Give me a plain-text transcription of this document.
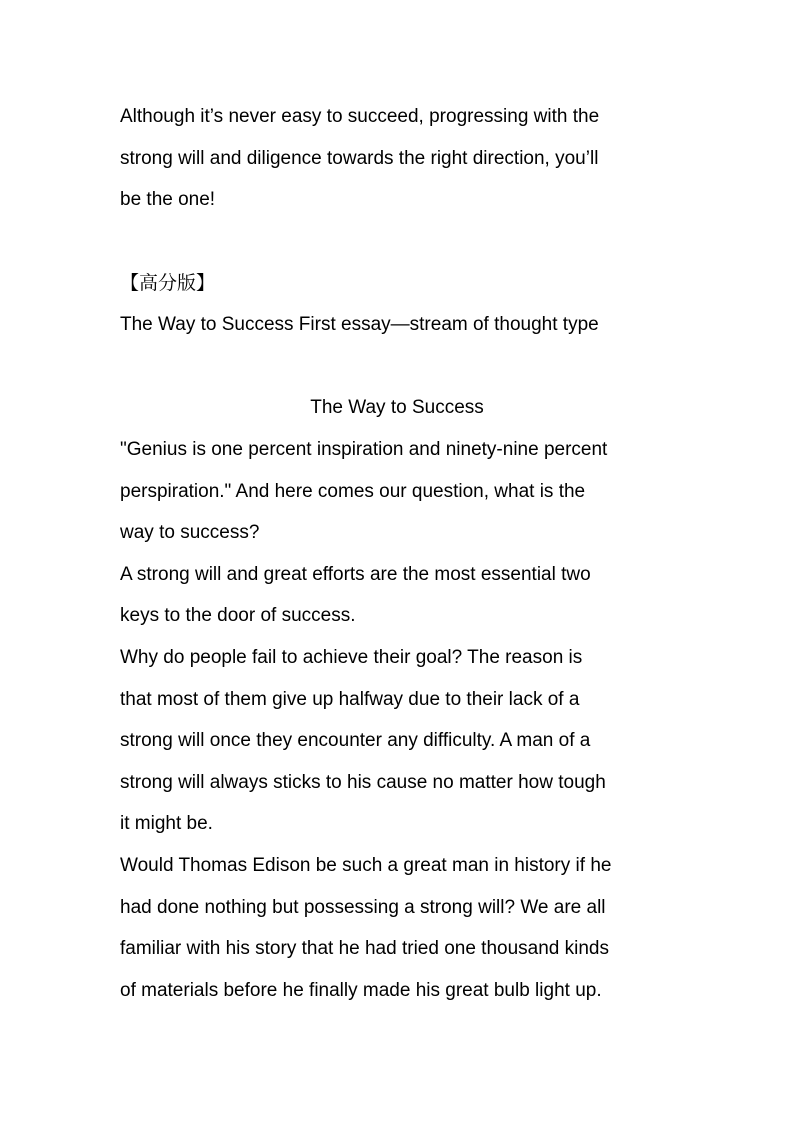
Although it’s never easy to succeed, progressing with the

strong will and diligence towards the right direction, you’ll

be the one!

【高分版】

The Way to Success First essay—stream of thought type

The Way to Success

"Genius is one percent inspiration and ninety-nine percent

perspiration." And here comes our question, what is the

way to success?

A strong will and great efforts are the most essential two

keys to the door of success.

Why do people fail to achieve their goal? The reason is

that most of them give up halfway due to their lack of a

strong will once they encounter any difficulty. A man of a

strong will always sticks to his cause no matter how tough

it might be.

Would Thomas Edison be such a great man in history if he

had done nothing but possessing a strong will? We are all

familiar with his story that he had tried one thousand kinds

of materials before he finally made his great bulb light up.
